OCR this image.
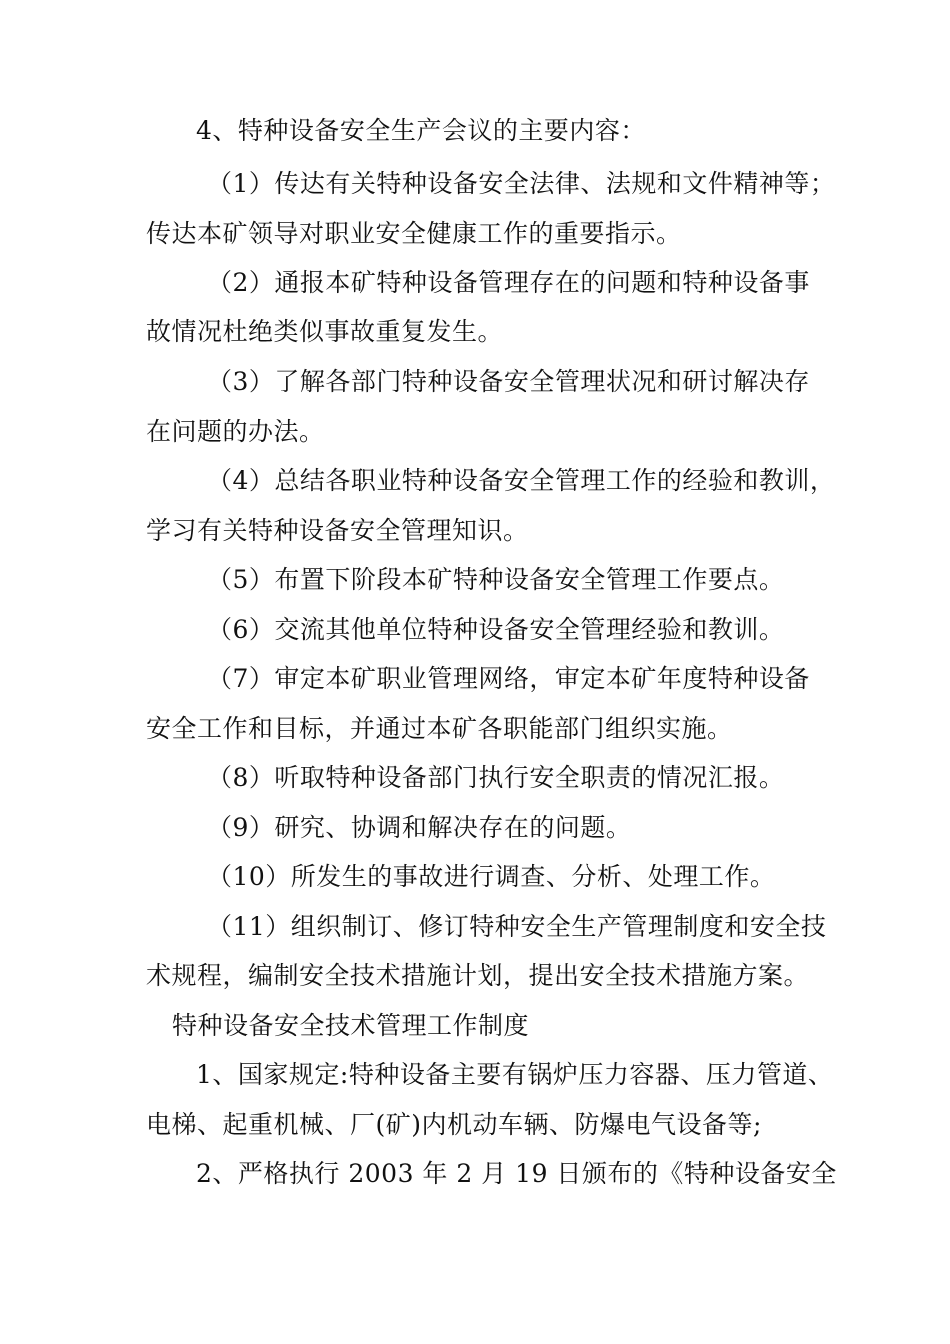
4、特种设备安全生产会议的主要内容：
（1）传达有关特种设备安全法律、法规和文件精神等；
传达本矿领导对职业安全健康工作的重要指示。
（2）通报本矿特种设备管理存在的问题和特种设备事
故情况杜绝类似事故重复发生。
（3）了解各部门特种设备安全管理状况和研讨解决存
在问题的办法。
（4）总结各职业特种设备安全管理工作的经验和教训，
学习有关特种设备安全管理知识。
（5）布置下阶段本矿特种设备安全管理工作要点。
（6）交流其他单位特种设备安全管理经验和教训。
（7）审定本矿职业管理网络，审定本矿年度特种设备
安全工作和目标，并通过本矿各职能部门组织实施。
（8）听取特种设备部门执行安全职责的情况汇报。
（9）研究、协调和解决存在的问题。
（10）所发生的事故进行调查、分析、处理工作。
（11）组织制订、修订特种安全生产管理制度和安全技
术规程，编制安全技术措施计划，提出安全技术措施方案。
特种设备安全技术管理工作制度
1、国家规定:特种设备主要有锅炉压力容器、压力管道、
电梯、起重机械、厂(矿)内机动车辆、防爆电气设备等;
2、严格执行 2003 年 2 月 19 日颁布的《特种设备安全
